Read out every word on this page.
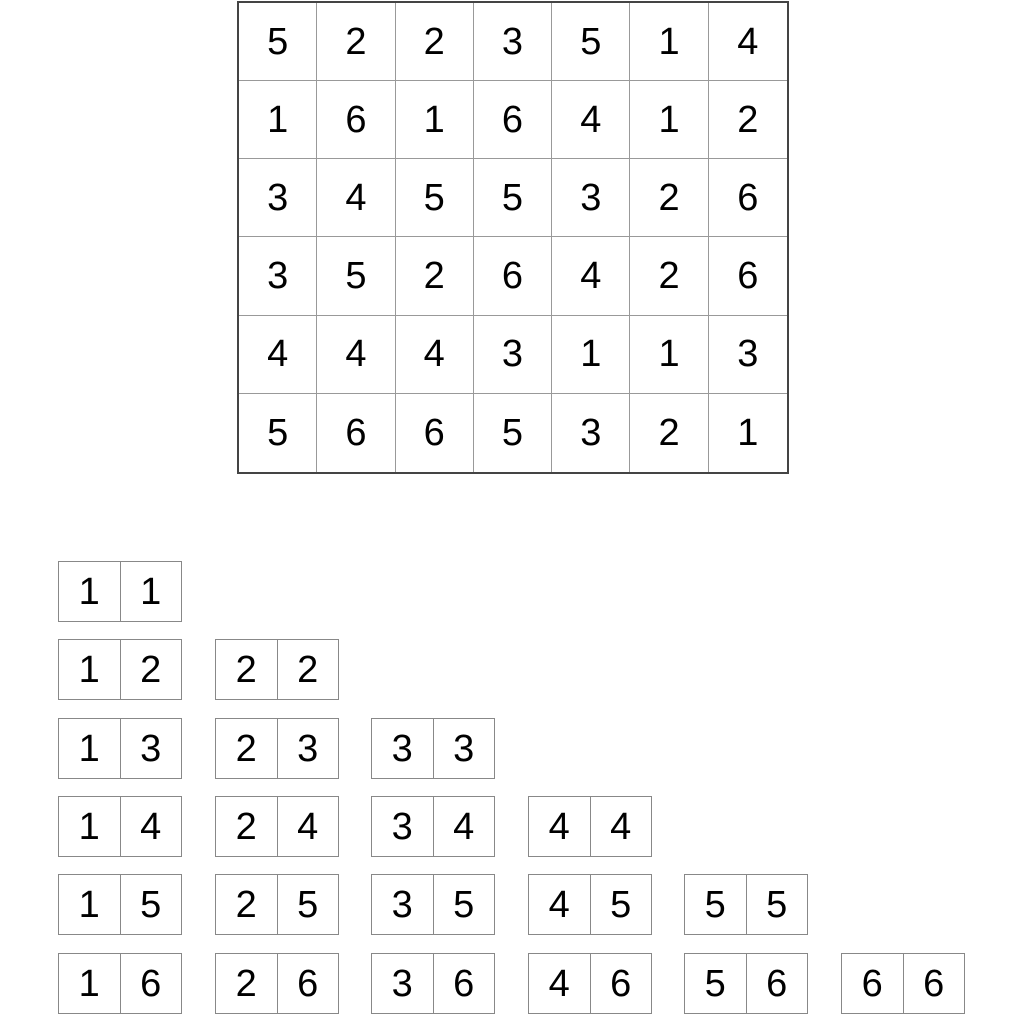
5	2	2	3	5	1	4
1	6	1	6	4	1	2
3	4	5	5	3	2	6
3	5	2	6	4	2	6
4	4	4	3	1	1	3
5	6	6	5	3	2	1
1	1
1	2	2	2
1	3	2	3	3	3
1	4	2	4	3	4	4	4
1	5	2	5	3	5	4	5	5	5
1	6	2	6	3	6	4	6	5	6	6	6
